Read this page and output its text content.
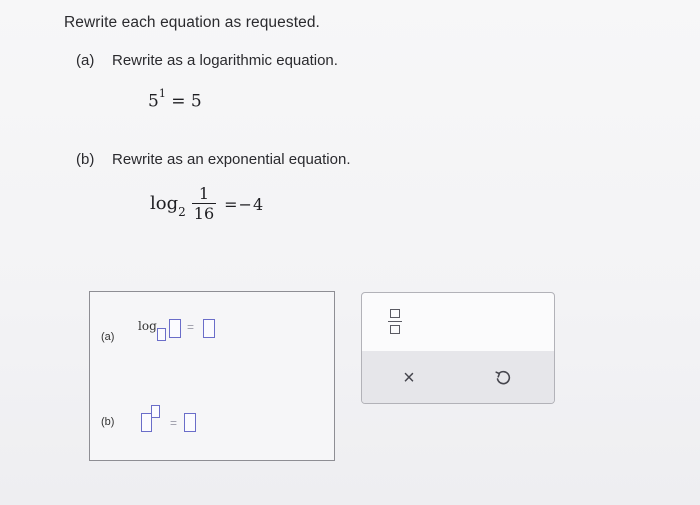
Rewrite each equation as requested.
(a) Rewrite as a logarithmic equation.
$5^1 = 5$
(b) Rewrite as an exponential equation.
$\log_2 \frac{1}{16} =-4$
(a)
log	=
(b)	=
×
